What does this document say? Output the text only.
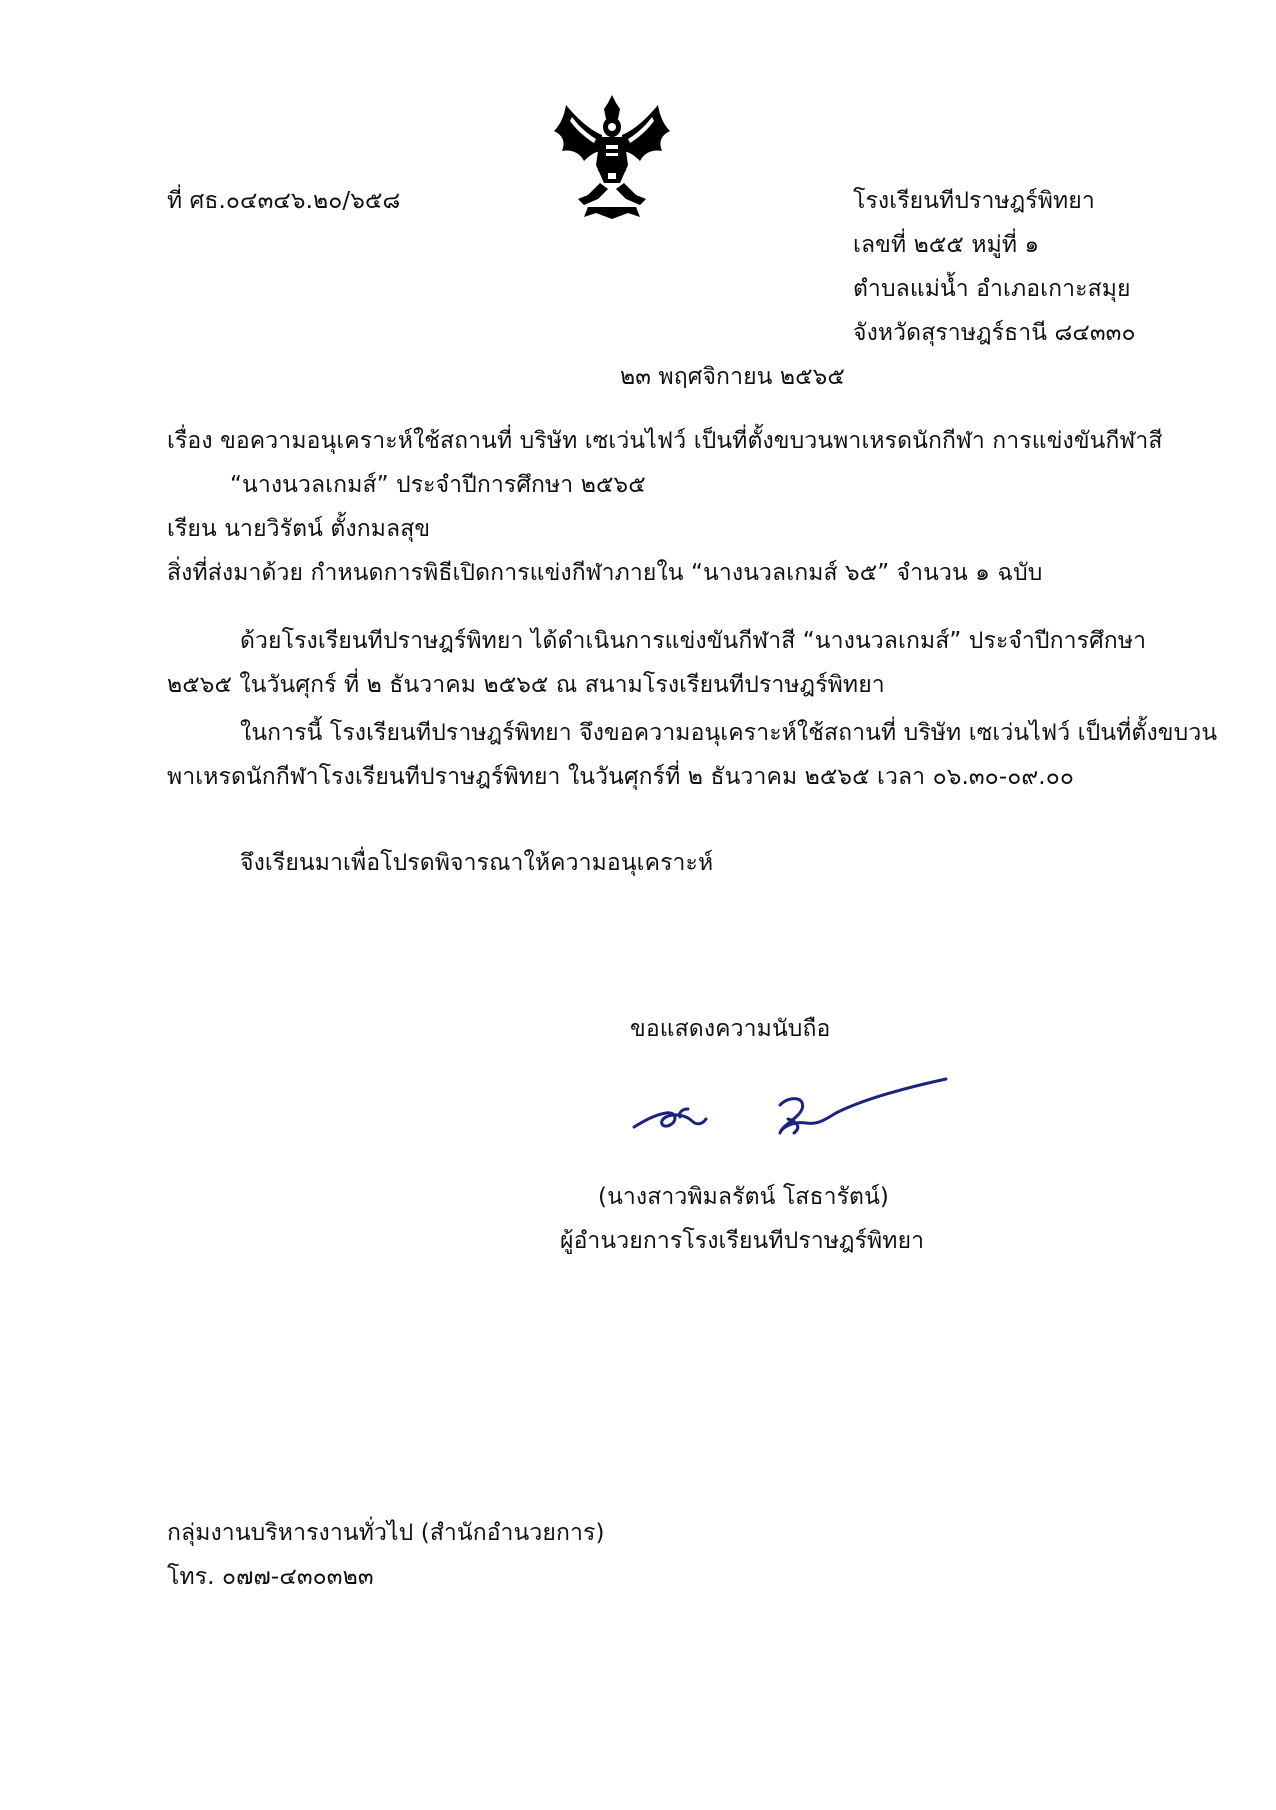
ที่ ศธ.๐๔๓๔๖.๒๐/๖๕๘	โรงเรียนทีปราษฎร์พิทยา
เลขที่ ๒๕๕ หมู่ที่ ๑
ตำบลแม่น้ำ อำเภอเกาะสมุย
จังหวัดสุราษฎร์ธานี ๘๔๓๓๐
๒๓ พฤศจิกายน ๒๕๖๕
เรื่อง ขอความอนุเคราะห์ใช้สถานที่ บริษัท เซเว่นไฟว์ เป็นที่ตั้งขบวนพาเหรดนักกีฬา การแข่งขันกีฬาสี
“นางนวลเกมส์” ประจำปีการศึกษา ๒๕๖๕
เรียน นายวิรัตน์ ตั้งกมลสุข
สิ่งที่ส่งมาด้วย กำหนดการพิธีเปิดการแข่งกีฬาภายใน “นางนวลเกมส์ ๖๕” จำนวน ๑ ฉบับ
ด้วยโรงเรียนทีปราษฎร์พิทยา ได้ดำเนินการแข่งขันกีฬาสี “นางนวลเกมส์” ประจำปีการศึกษา
๒๕๖๕ ในวันศุกร์ ที่ ๒ ธันวาคม ๒๕๖๕ ณ สนามโรงเรียนทีปราษฎร์พิทยา
ในการนี้ โรงเรียนทีปราษฎร์พิทยา จึงขอความอนุเคราะห์ใช้สถานที่ บริษัท เซเว่นไฟว์ เป็นที่ตั้งขบวน
พาเหรดนักกีฬาโรงเรียนทีปราษฎร์พิทยา ในวันศุกร์ที่ ๒ ธันวาคม ๒๕๖๕ เวลา ๐๖.๓๐-๐๙.๐๐
จึงเรียนมาเพื่อโปรดพิจารณาให้ความอนุเคราะห์
ขอแสดงความนับถือ
(นางสาวพิมลรัตน์ โสธารัตน์)
ผู้อำนวยการโรงเรียนทีปราษฎร์พิทยา
กลุ่มงานบริหารงานทั่วไป (สำนักอำนวยการ)
โทร. ๐๗๗-๔๓๐๓๒๓
